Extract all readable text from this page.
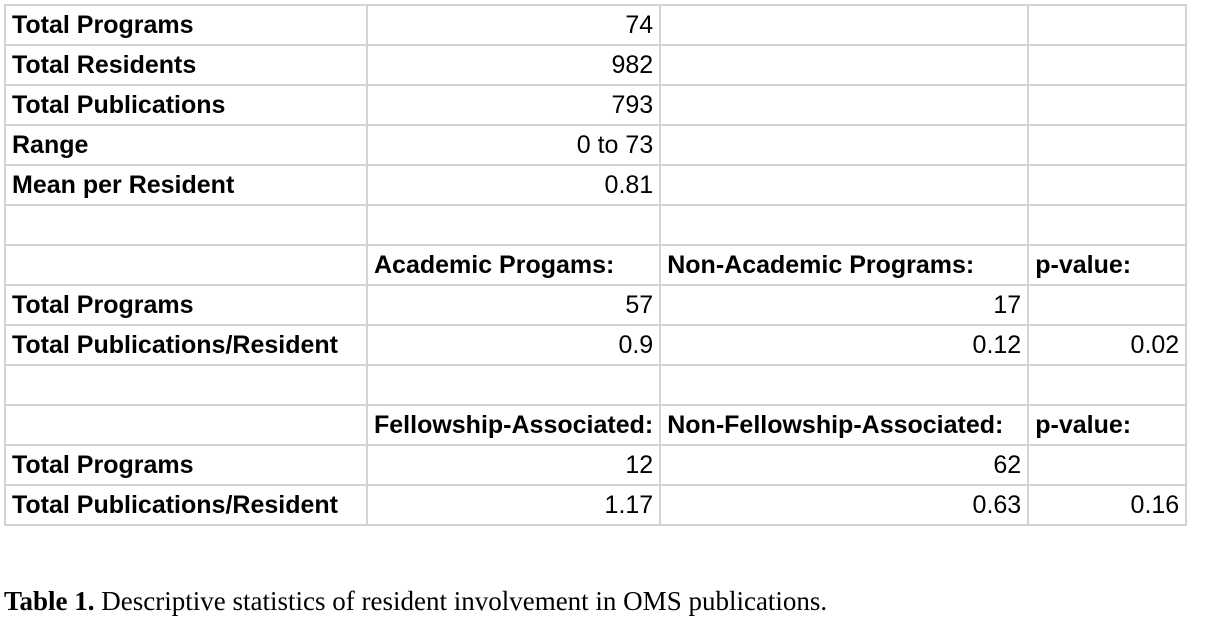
Total Programs	74		
Total Residents	982		
Total Publications	793		
Range	0 to 73		
Mean per Resident	0.81		

	Academic Progams:	Non-Academic Programs:	p-value:
Total Programs	57	17	
Total Publications/Resident	0.9	0.12	0.02

	Fellowship-Associated:	Non-Fellowship-Associated:	p-value:
Total Programs	12	62	
Total Publications/Resident	1.17	0.63	0.16
Table 1. Descriptive statistics of resident involvement in OMS publications.
